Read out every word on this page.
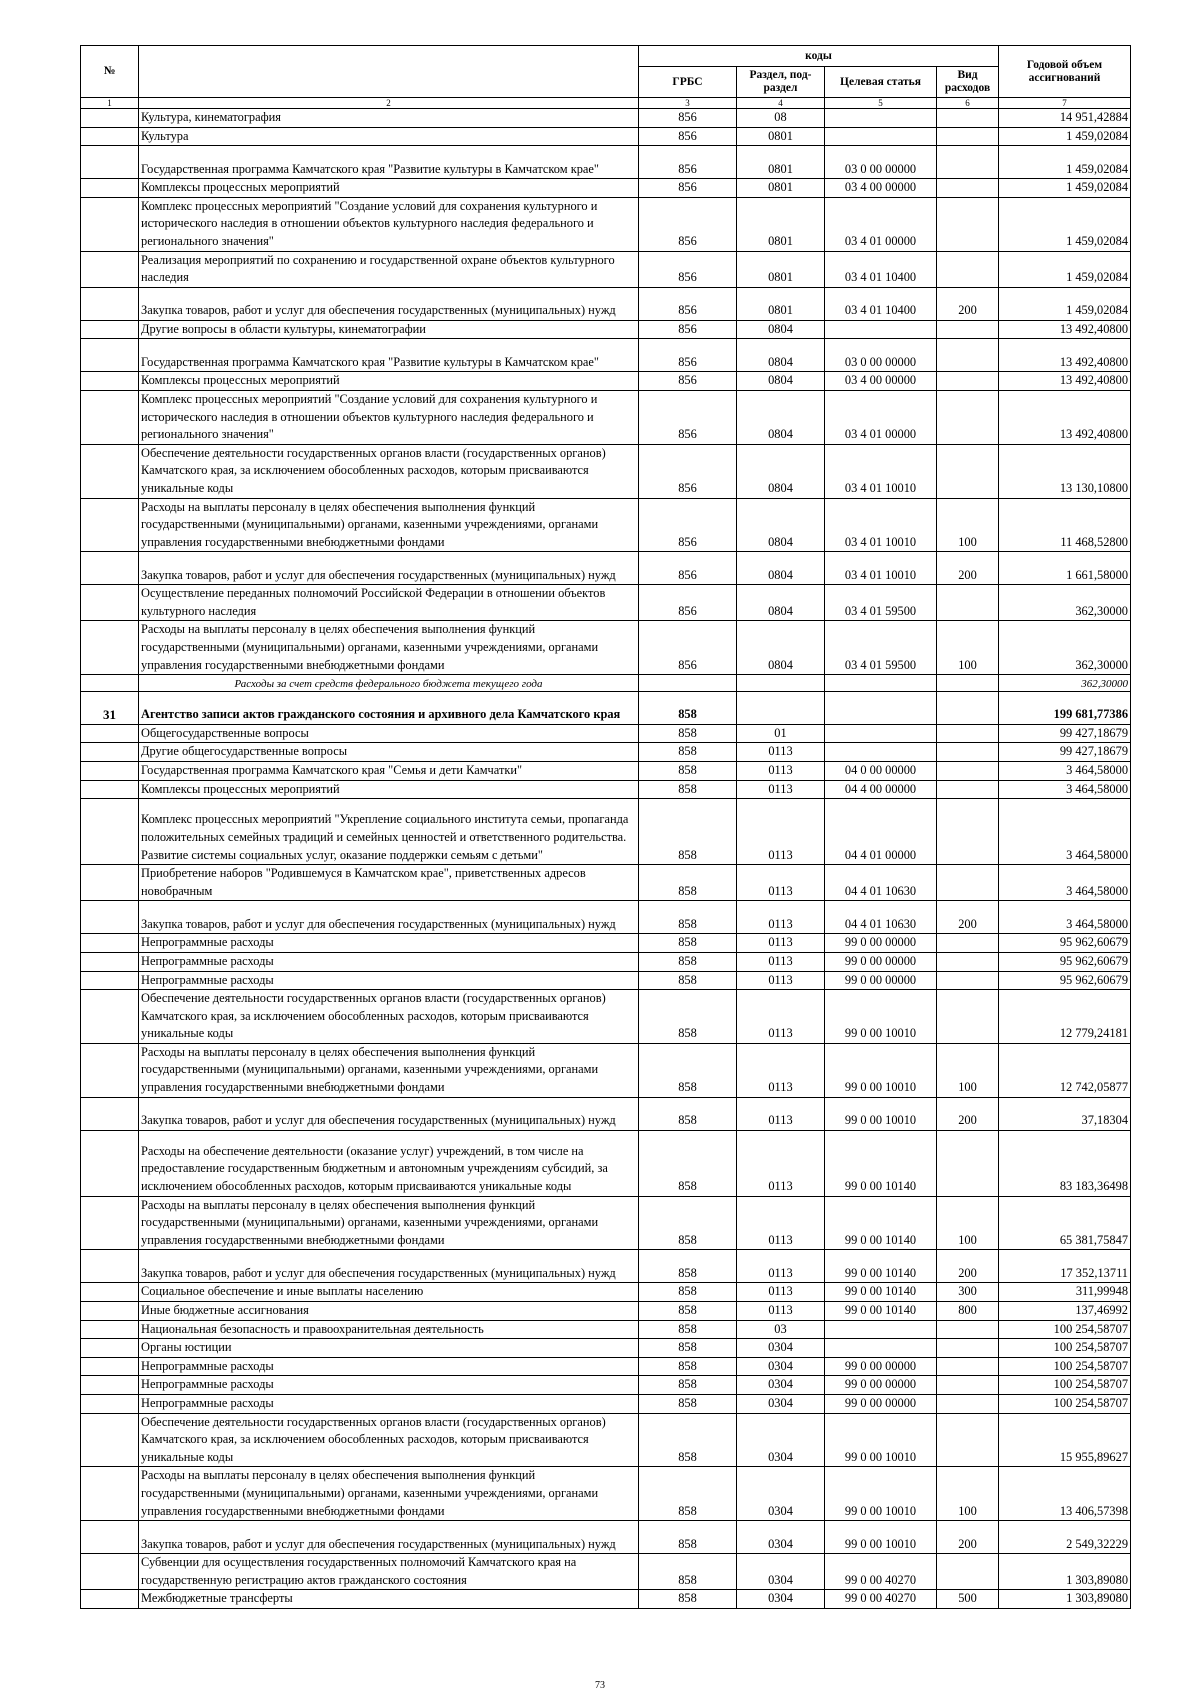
№		коды				Годовой объем ассигнований
		ГРБС	Раздел, под-раздел	Целевая статья	Вид расходов	
1	2	3	4	5	6	7
	Культура, кинематография	856	08			14 951,42884
	Культура	856	0801			1 459,02084
	Государственная программа Камчатского края "Развитие культуры в Камчатском крае"	856	0801	03 0 00 00000		1 459,02084
	Комплексы процессных мероприятий	856	0801	03 4 00 00000		1 459,02084
	Комплекс процессных мероприятий "Создание условий для сохранения культурного и исторического наследия в отношении объектов культурного наследия федерального и регионального значения"	856	0801	03 4 01 00000		1 459,02084
	Реализация мероприятий по сохранению и государственной охране объектов культурного наследия	856	0801	03 4 01 10400		1 459,02084
	Закупка товаров, работ и услуг для обеспечения государственных (муниципальных) нужд	856	0801	03 4 01 10400	200	1 459,02084
	Другие вопросы в области культуры, кинематографии	856	0804			13 492,40800
	Государственная программа Камчатского края "Развитие культуры в Камчатском крае"	856	0804	03 0 00 00000		13 492,40800
	Комплексы процессных мероприятий	856	0804	03 4 00 00000		13 492,40800
	Комплекс процессных мероприятий "Создание условий для сохранения культурного и исторического наследия в отношении объектов культурного наследия федерального и регионального значения"	856	0804	03 4 01 00000		13 492,40800
	Обеспечение деятельности государственных органов власти (государственных органов) Камчатского края, за исключением обособленных расходов, которым присваиваются уникальные коды	856	0804	03 4 01 10010		13 130,10800
	Расходы на выплаты персоналу в целях обеспечения выполнения функций государственными (муниципальными) органами, казенными учреждениями, органами управления государственными внебюджетными фондами	856	0804	03 4 01 10010	100	11 468,52800
	Закупка товаров, работ и услуг для обеспечения государственных (муниципальных) нужд	856	0804	03 4 01 10010	200	1 661,58000
	Осуществление переданных полномочий Российской Федерации в отношении объектов культурного наследия	856	0804	03 4 01 59500		362,30000
	Расходы на выплаты персоналу в целях обеспечения выполнения функций государственными (муниципальными) органами, казенными учреждениями, органами управления государственными внебюджетными фондами	856	0804	03 4 01 59500	100	362,30000
	Расходы за счет средств федерального бюджета текущего года					362,30000
31	Агентство записи актов гражданского состояния и архивного дела Камчатского края	858				199 681,77386
	Общегосударственные вопросы	858	01			99 427,18679
	Другие общегосударственные вопросы	858	0113			99 427,18679
	Государственная программа Камчатского края "Семья и дети Камчатки"	858	0113	04 0 00 00000		3 464,58000
	Комплексы процессных мероприятий	858	0113	04 4 00 00000		3 464,58000
	Комплекс процессных мероприятий "Укрепление социального института семьи, пропаганда положительных семейных традиций и семейных ценностей и ответственного родительства. Развитие системы социальных услуг, оказание поддержки семьям с детьми"	858	0113	04 4 01 00000		3 464,58000
	Приобретение наборов "Родившемуся в Камчатском крае", приветственных адресов новобрачным	858	0113	04 4 01 10630		3 464,58000
	Закупка товаров, работ и услуг для обеспечения государственных (муниципальных) нужд	858	0113	04 4 01 10630	200	3 464,58000
	Непрограммные расходы	858	0113	99 0 00 00000		95 962,60679
	Непрограммные расходы	858	0113	99 0 00 00000		95 962,60679
	Непрограммные расходы	858	0113	99 0 00 00000		95 962,60679
	Обеспечение деятельности государственных органов власти (государственных органов) Камчатского края, за исключением обособленных расходов, которым присваиваются уникальные коды	858	0113	99 0 00 10010		12 779,24181
	Расходы на выплаты персоналу в целях обеспечения выполнения функций государственными (муниципальными) органами, казенными учреждениями, органами управления государственными внебюджетными фондами	858	0113	99 0 00 10010	100	12 742,05877
	Закупка товаров, работ и услуг для обеспечения государственных (муниципальных) нужд	858	0113	99 0 00 10010	200	37,18304
	Расходы на обеспечение деятельности (оказание услуг) учреждений, в том числе на предоставление государственным бюджетным и автономным учреждениям субсидий, за исключением обособленных расходов, которым присваиваются уникальные коды	858	0113	99 0 00 10140		83 183,36498
	Расходы на выплаты персоналу в целях обеспечения выполнения функций государственными (муниципальными) органами, казенными учреждениями, органами управления государственными внебюджетными фондами	858	0113	99 0 00 10140	100	65 381,75847
	Закупка товаров, работ и услуг для обеспечения государственных (муниципальных) нужд	858	0113	99 0 00 10140	200	17 352,13711
	Социальное обеспечение и иные выплаты населению	858	0113	99 0 00 10140	300	311,99948
	Иные бюджетные ассигнования	858	0113	99 0 00 10140	800	137,46992
	Национальная безопасность и правоохранительная деятельность	858	03			100 254,58707
	Органы юстиции	858	0304			100 254,58707
	Непрограммные расходы	858	0304	99 0 00 00000		100 254,58707
	Непрограммные расходы	858	0304	99 0 00 00000		100 254,58707
	Непрограммные расходы	858	0304	99 0 00 00000		100 254,58707
	Обеспечение деятельности государственных органов власти (государственных органов) Камчатского края, за исключением обособленных расходов, которым присваиваются уникальные коды	858	0304	99 0 00 10010		15 955,89627
	Расходы на выплаты персоналу в целях обеспечения выполнения функций государственными (муниципальными) органами, казенными учреждениями, органами управления государственными внебюджетными фондами	858	0304	99 0 00 10010	100	13 406,57398
	Закупка товаров, работ и услуг для обеспечения государственных (муниципальных) нужд	858	0304	99 0 00 10010	200	2 549,32229
	Субвенции для осуществления государственных полномочий Камчатского края на государственную регистрацию актов гражданского состояния	858	0304	99 0 00 40270		1 303,89080
	Межбюджетные трансферты	858	0304	99 0 00 40270	500	1 303,89080
73
